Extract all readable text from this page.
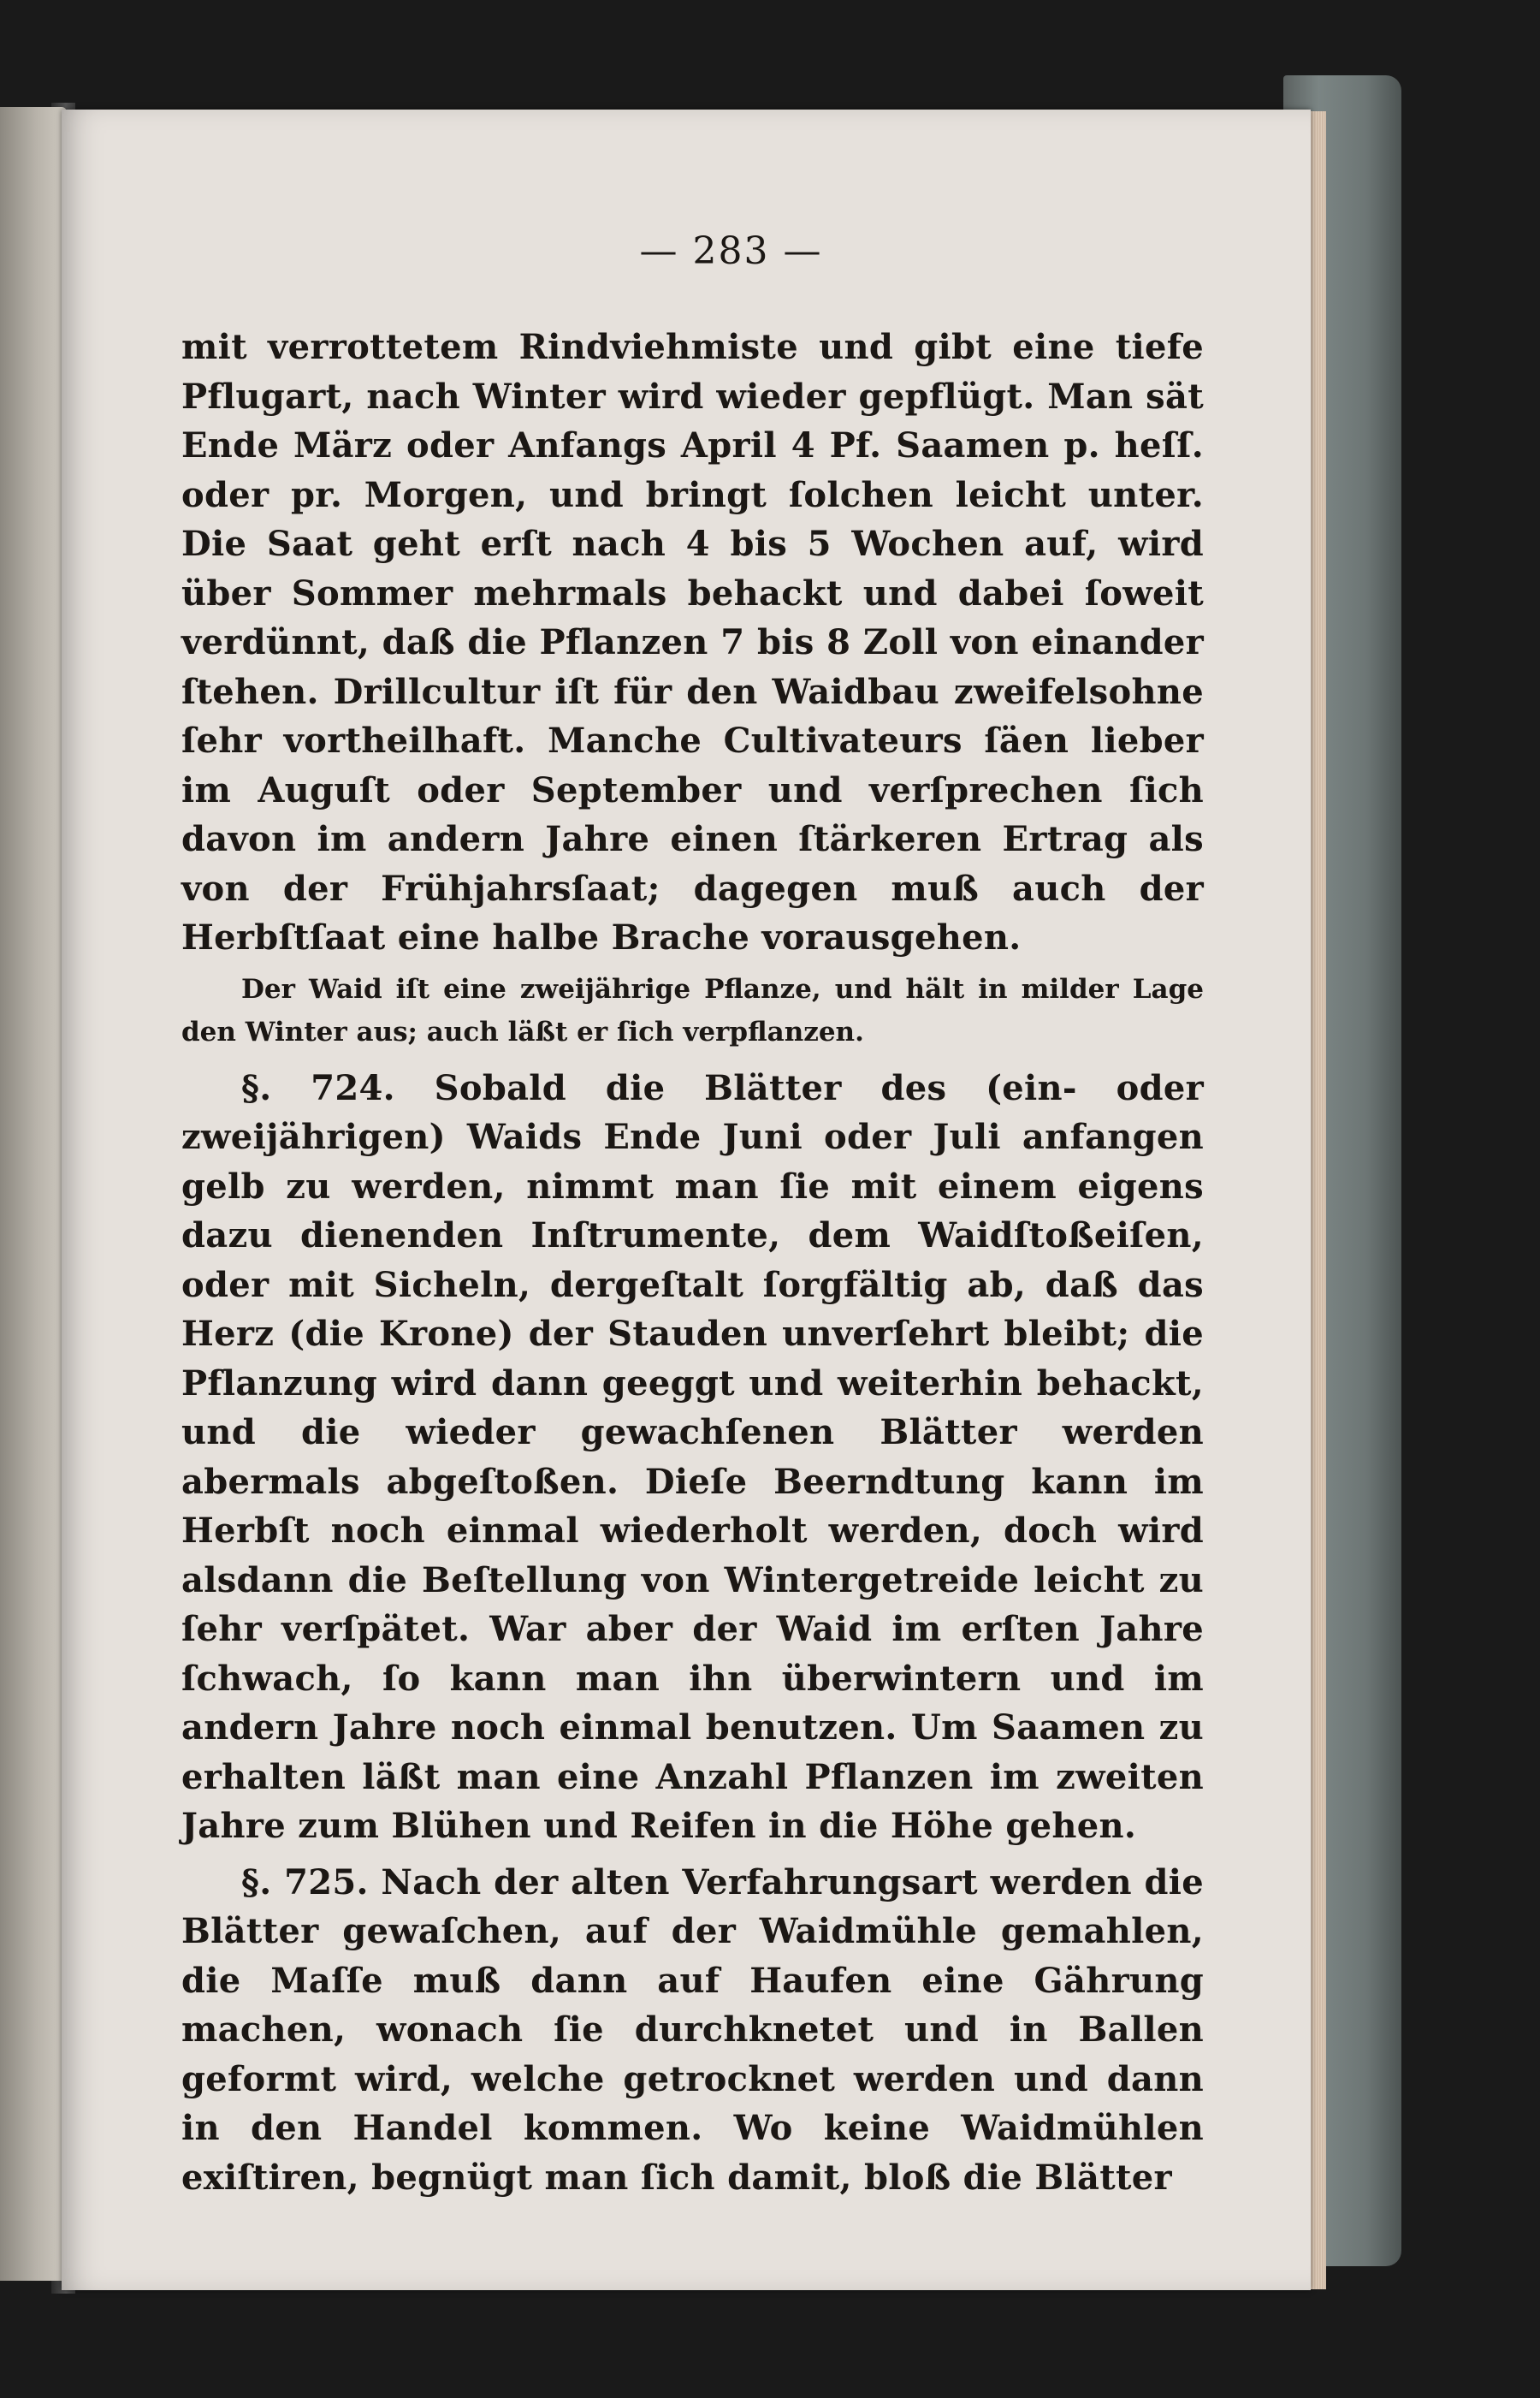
— 283 —

mit verrottetem Rindviehmiste und gibt eine tiefe Pflugart, nach Winter wird wieder gepflügt. Man sät Ende März oder Anfangs April 4 Pf. Saamen p. heſſ. oder pr. Morgen, und bringt ſolchen leicht unter. Die Saat geht erſt nach 4 bis 5 Wochen auf, wird über Sommer mehrmals behackt und dabei ſoweit verdünnt, daß die Pflanzen 7 bis 8 Zoll von einander ſtehen. Drillcultur iſt für den Waidbau zweifelsohne ſehr vortheilhaft. Manche Cultivateurs ſäen lieber im Auguſt oder September und verſprechen ſich davon im andern Jahre einen ſtärkeren Ertrag als von der Frühjahrsſaat; dagegen muß auch der Herbſtſaat eine halbe Brache vorausgehen.

Der Waid iſt eine zweijährige Pflanze, und hält in milder Lage den Winter aus; auch läßt er ſich verpflanzen.

§. 724. Sobald die Blätter des (ein- oder zweijährigen) Waids Ende Juni oder Juli anfangen gelb zu werden, nimmt man ſie mit einem eigens dazu dienenden Inſtrumente, dem Waidſtoßeiſen, oder mit Sicheln, dergeſtalt ſorgfältig ab, daß das Herz (die Krone) der Stauden unverſehrt bleibt; die Pflanzung wird dann geeggt und weiterhin behackt, und die wieder gewachſenen Blätter werden abermals abgeſtoßen. Dieſe Beerndtung kann im Herbſt noch einmal wiederholt werden, doch wird alsdann die Beſtellung von Wintergetreide leicht zu ſehr verſpätet. War aber der Waid im erſten Jahre ſchwach, ſo kann man ihn überwintern und im andern Jahre noch einmal benutzen. Um Saamen zu erhalten läßt man eine Anzahl Pflanzen im zweiten Jahre zum Blühen und Reifen in die Höhe gehen.

§. 725. Nach der alten Verfahrungsart werden die Blätter gewaſchen, auf der Waidmühle gemahlen, die Maſſe muß dann auf Haufen eine Gährung machen, wonach ſie durchknetet und in Ballen geformt wird, welche getrocknet werden und dann in den Handel kommen. Wo keine Waidmühlen exiſtiren, begnügt man ſich damit, bloß die Blätter
